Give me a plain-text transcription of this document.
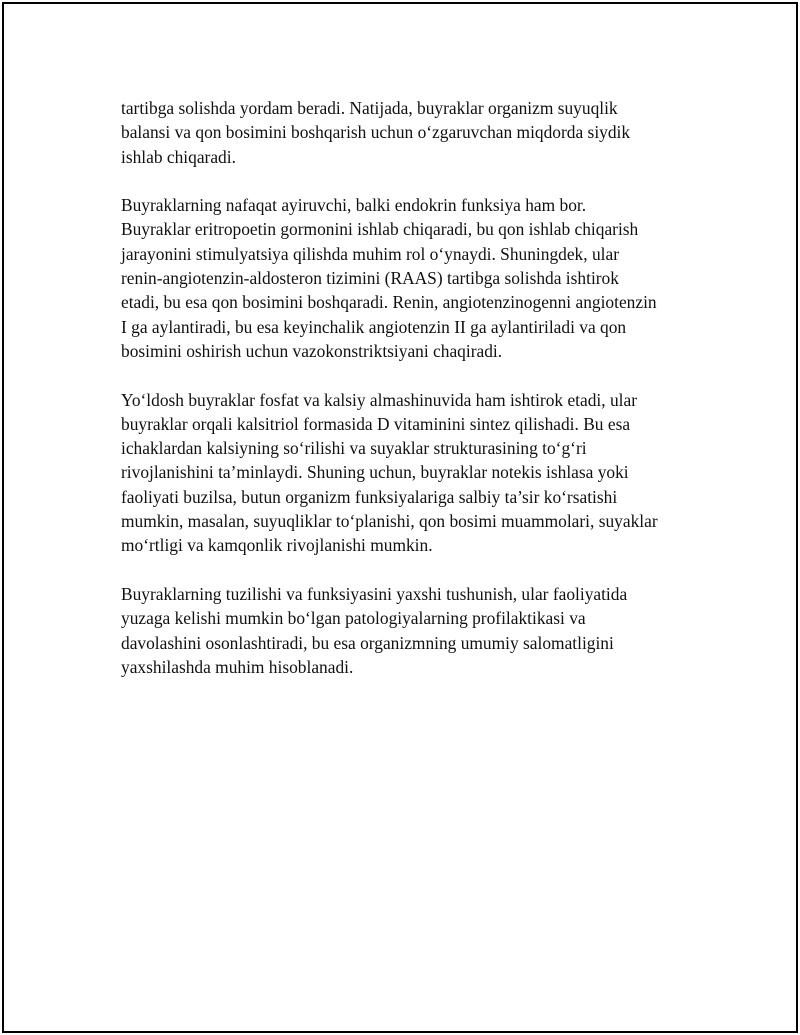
tartibga solishda yordam beradi. Natijada, buyraklar organizm suyuqlik
balansi va qon bosimini boshqarish uchun o‘zgaruvchan miqdorda siydik
ishlab chiqaradi.

Buyraklarning nafaqat ayiruvchi, balki endokrin funksiya ham bor.
Buyraklar eritropoetin gormonini ishlab chiqaradi, bu qon ishlab chiqarish
jarayonini stimulyatsiya qilishda muhim rol o‘ynaydi. Shuningdek, ular
renin-angiotenzin-aldosteron tizimini (RAAS) tartibga solishda ishtirok
etadi, bu esa qon bosimini boshqaradi. Renin, angiotenzinogenni angiotenzin
I ga aylantiradi, bu esa keyinchalik angiotenzin II ga aylantiriladi va qon
bosimini oshirish uchun vazokonstriktsiyani chaqiradi.

Yo‘ldosh buyraklar fosfat va kalsiy almashinuvida ham ishtirok etadi, ular
buyraklar orqali kalsitriol formasida D vitaminini sintez qilishadi. Bu esa
ichaklardan kalsiyning so‘rilishi va suyaklar strukturasining to‘g‘ri
rivojlanishini ta’minlaydi. Shuning uchun, buyraklar notekis ishlasa yoki
faoliyati buzilsa, butun organizm funksiyalariga salbiy ta’sir ko‘rsatishi
mumkin, masalan, suyuqliklar to‘planishi, qon bosimi muammolari, suyaklar
mo‘rtligi va kamqonlik rivojlanishi mumkin.

Buyraklarning tuzilishi va funksiyasini yaxshi tushunish, ular faoliyatida
yuzaga kelishi mumkin bo‘lgan patologiyalarning profilaktikasi va
davolashini osonlashtiradi, bu esa organizmning umumiy salomatligini
yaxshilashda muhim hisoblanadi.
